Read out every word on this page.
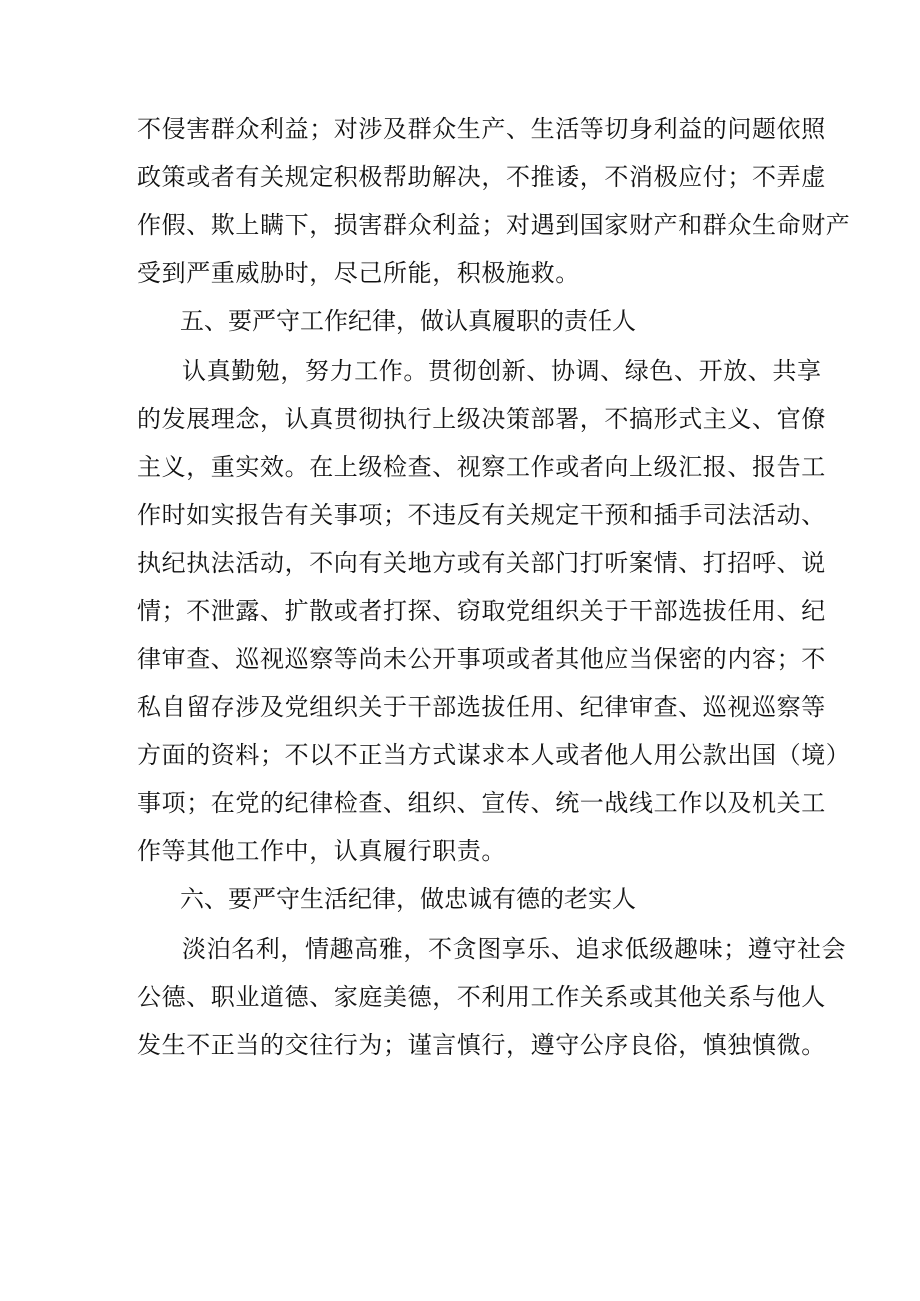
不侵害群众利益；对涉及群众生产、生活等切身利益的问题依照
政策或者有关规定积极帮助解决，不推诿，不消极应付；不弄虚
作假、欺上瞒下，损害群众利益；对遇到国家财产和群众生命财产
受到严重威胁时，尽己所能，积极施救。
五、要严守工作纪律，做认真履职的责任人
认真勤勉，努力工作。贯彻创新、协调、绿色、开放、共享
的发展理念，认真贯彻执行上级决策部署，不搞形式主义、官僚
主义，重实效。在上级检查、视察工作或者向上级汇报、报告工
作时如实报告有关事项；不违反有关规定干预和插手司法活动、
执纪执法活动，不向有关地方或有关部门打听案情、打招呼、说
情；不泄露、扩散或者打探、窃取党组织关于干部选拔任用、纪
律审查、巡视巡察等尚未公开事项或者其他应当保密的内容；不
私自留存涉及党组织关于干部选拔任用、纪律审查、巡视巡察等
方面的资料；不以不正当方式谋求本人或者他人用公款出国（境）
事项；在党的纪律检查、组织、宣传、统一战线工作以及机关工
作等其他工作中，认真履行职责。
六、要严守生活纪律，做忠诚有德的老实人
淡泊名利，情趣高雅，不贪图享乐、追求低级趣味；遵守社会
公德、职业道德、家庭美德，不利用工作关系或其他关系与他人
发生不正当的交往行为；谨言慎行，遵守公序良俗，慎独慎微。
